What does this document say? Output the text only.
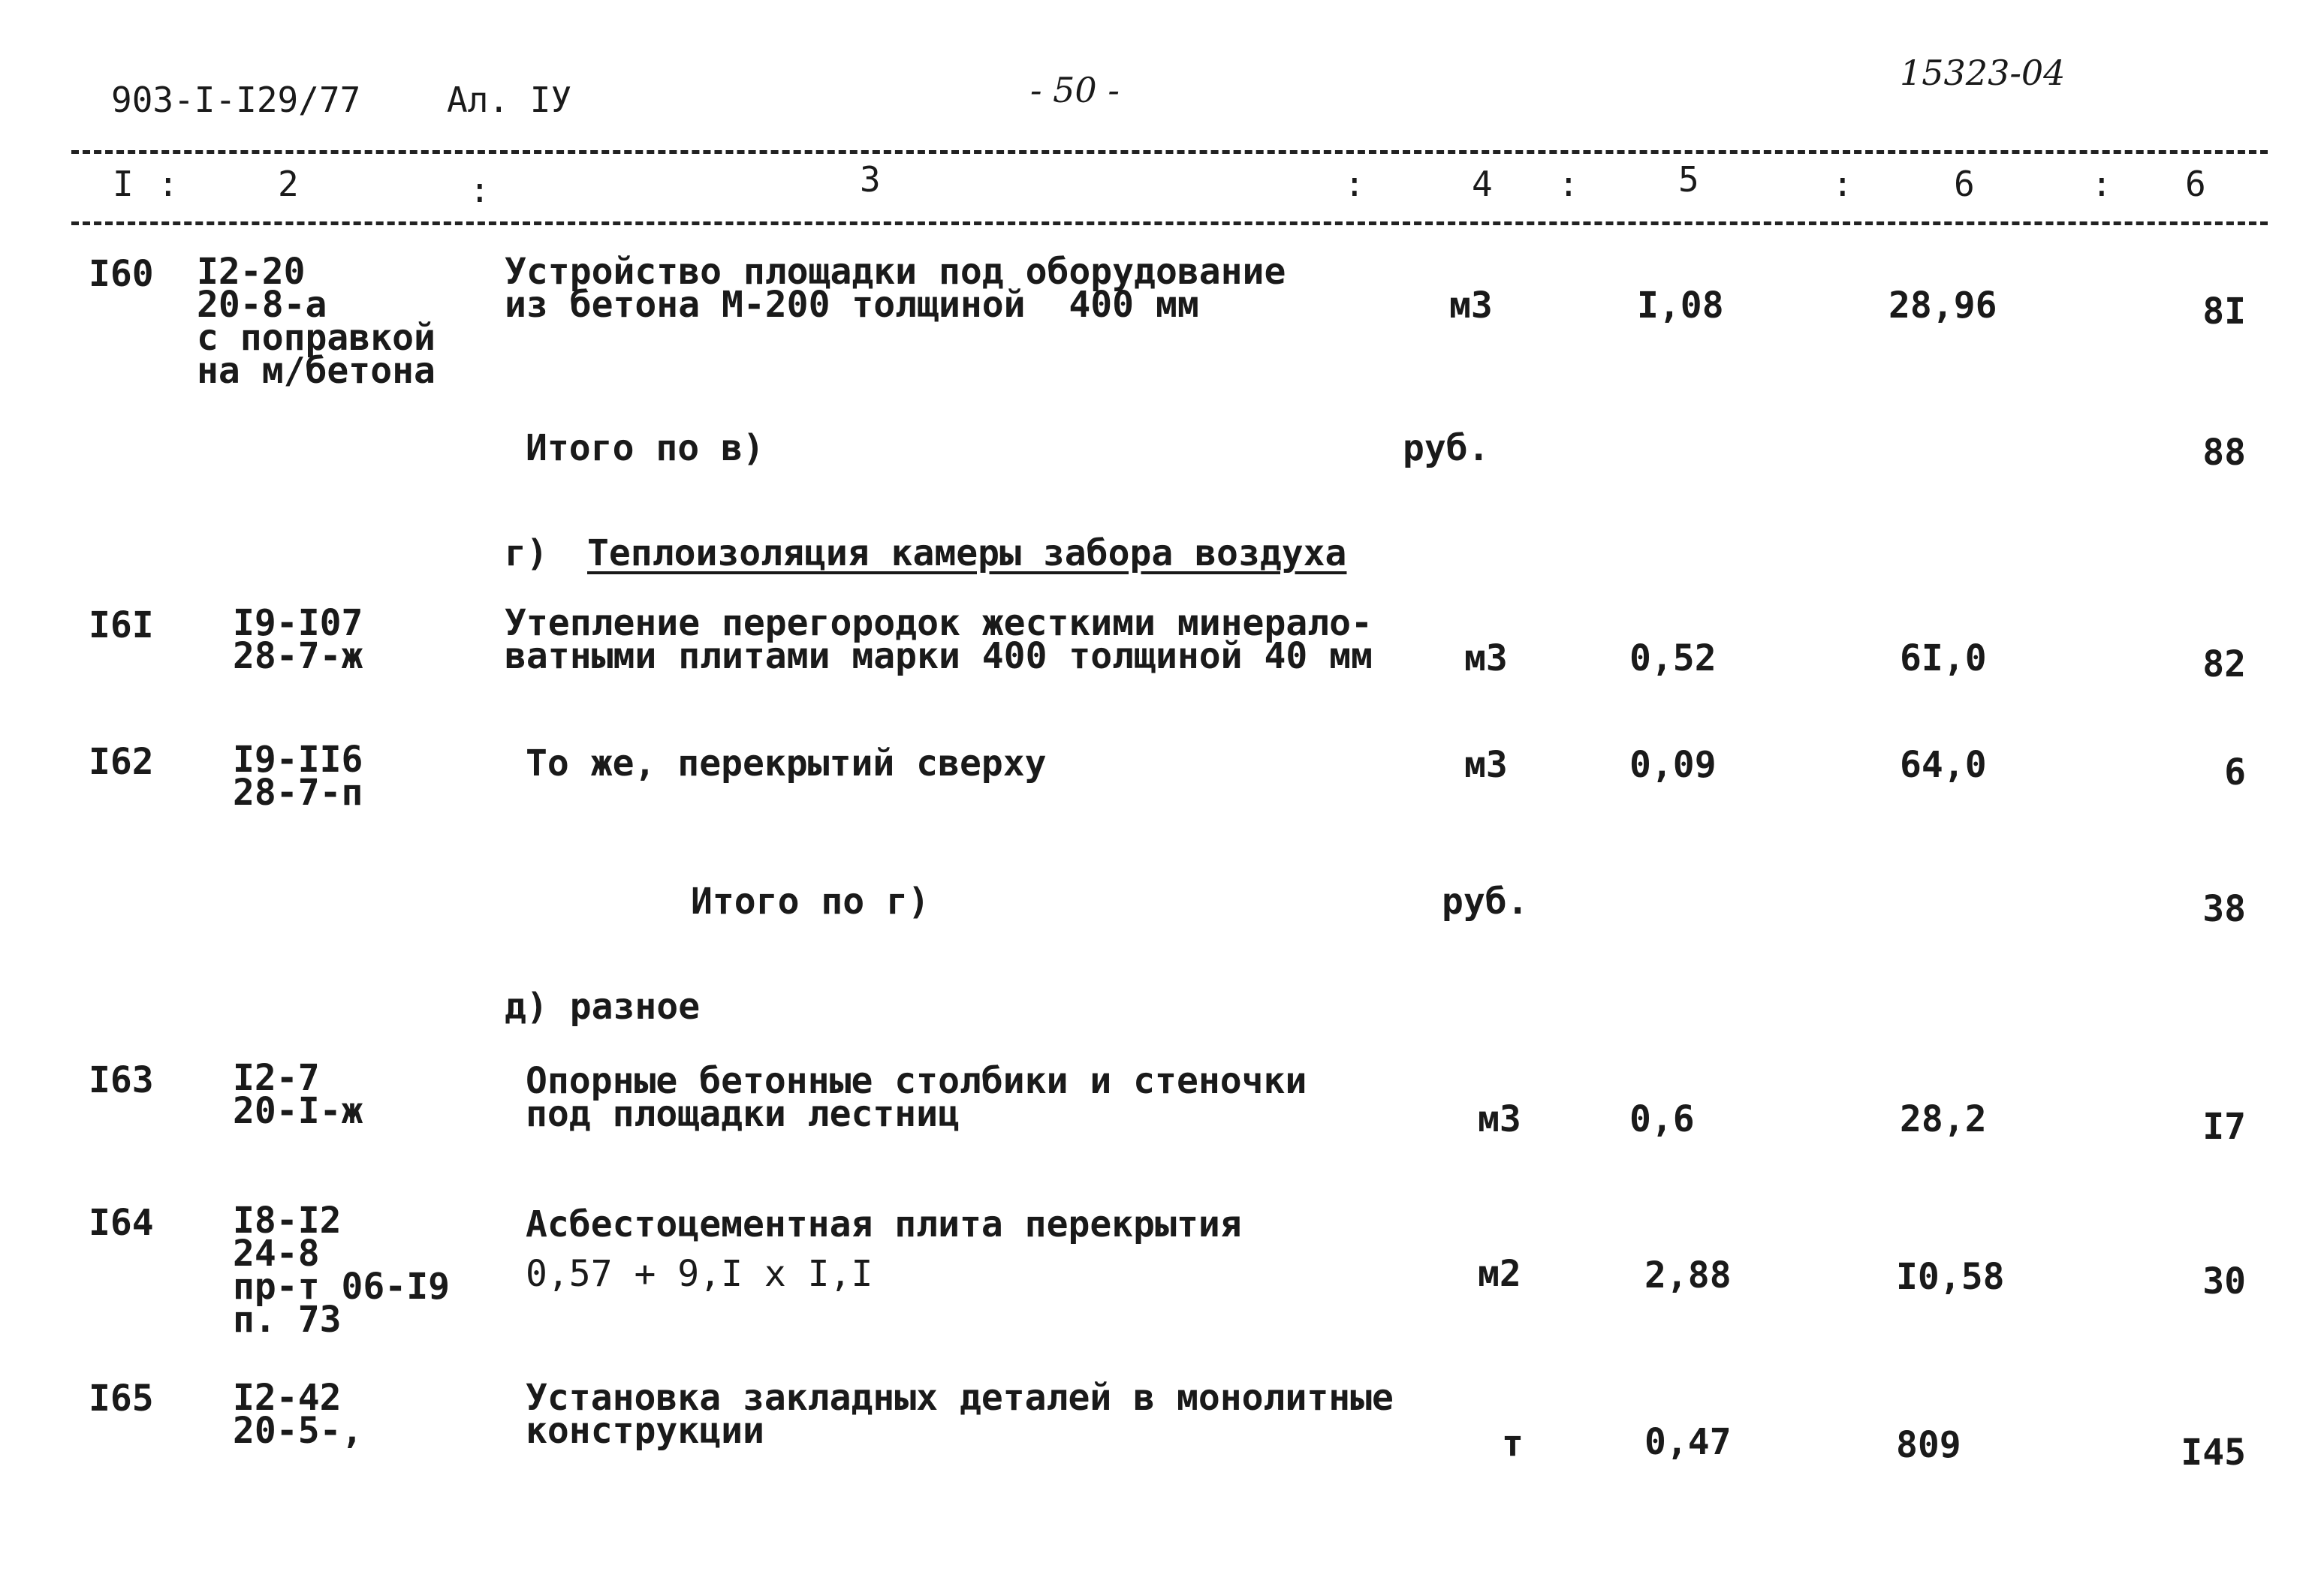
903-I-I29/77 Ал. IУ	- 50 -	15323-04
I :	2	:	3	:	4 :	5	:	6	: 6
I60 I2-20
20-8-а
с поправкой
на м/бетона
Устройство площадки под оборудование
из бетона М-200 толщиной  400 мм	м3	I,08	28,96	8I
Итого по в)	руб.	88
г) Теплоизоляция камеры забора воздуха
I6I I9-I07
28-7-ж
Утепление перегородок жесткими минерало-
ватными плитами марки 400 толщиной 40 мм	м3	0,52	6I,0	82
I62 I9-II6
28-7-п
То же, перекрытий сверху	м3	0,09	64,0	6
Итого по г)	руб.	38
д) разное
I63 I2-7
20-I-ж
Опорные бетонные столбики и стеночки
под площадки лестниц	м3	0,6	28,2	I7
I64 I8-I2
24-8
пр-т 06-I9
п. 73
Асбестоцементная плита перекрытия
0,57 + 9,I х I,I	м2	2,88	I0,58	30
I65 I2-42
20-5-,
Установка закладных деталей в монолитные
конструкции	т	0,47	809	I45
